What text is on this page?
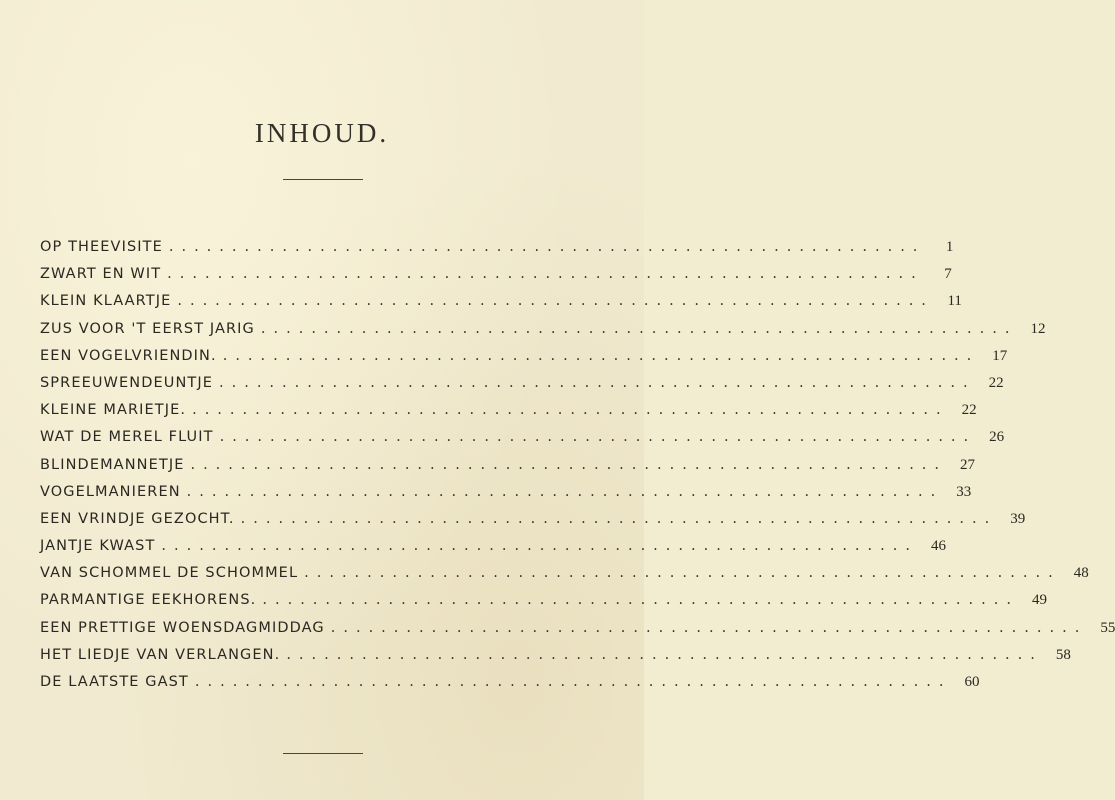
INHOUD.
OP THEEVISITE ............................................................	1
ZWART EN WIT ............................................................	7
KLEIN KLAARTJE ............................................................ 11
ZUS VOOR 'T EERST JARIG ............................................................ 12
EEN VOGELVRIENDIN. ............................................................ 17
SPREEUWENDEUNTJE ............................................................ 22
KLEINE MARIETJE. ............................................................ 22
WAT DE MEREL FLUIT ............................................................ 26
BLINDEMANNETJE ............................................................ 27
VOGELMANIEREN ............................................................ 33
EEN VRINDJE GEZOCHT. ............................................................ 39
JANTJE KWAST ............................................................ 46
VAN SCHOMMEL DE SCHOMMEL ............................................................ 48
PARMANTIGE EEKHORENS. ............................................................ 49
EEN PRETTIGE WOENSDAGMIDDAG ............................................................ 55
HET LIEDJE VAN VERLANGEN. ............................................................ 58
DE LAATSTE GAST ............................................................ 60
